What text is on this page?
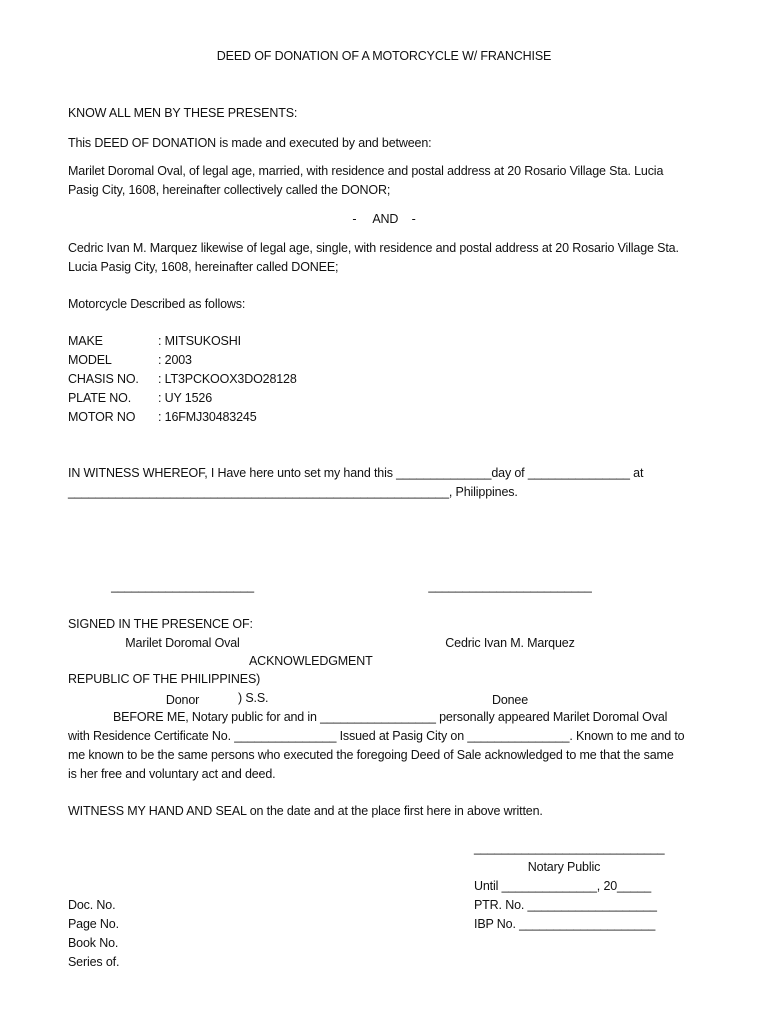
DEED OF DONATION OF A MOTORCYCLE W/ FRANCHISE
KNOW ALL MEN BY THESE PRESENTS:
This DEED OF DONATION is made and executed by and between:
Marilet Doromal Oval, of legal age, married, with residence and postal address at 20 Rosario Village Sta. Lucia
Pasig City, 1608, hereinafter collectively called the DONOR;
-     AND    -
Cedric Ivan M. Marquez likewise of legal age, single, with residence and postal address at 20 Rosario Village Sta.
Lucia Pasig City, 1608, hereinafter called DONEE;
Motorcycle Described as follows:
MAKE	: MITSUKOSHI
MODEL	: 2003
CHASIS NO.	: LT3PCKOOX3DO28128
PLATE NO.	: UY 1526
MOTOR NO	: 16FMJ30483245
IN WITNESS WHEREOF, I Have here unto set my hand this ______________day of _______________ at
________________________________________________________, Philippines.

_____________________

Marilet Doromal Oval

Donor

________________________

Cedric Ivan M. Marquez

Donee

SIGNED IN THE PRESENCE OF:
ACKNOWLEDGMENT
REPUBLIC OF THE PHILIPPINES)
) S.S.
BEFORE ME, Notary public for and in _________________ personally appeared Marilet Doromal Oval
with Residence Certificate No. _______________ Issued at Pasig City on _______________. Known to me and to
me known to be the same persons who executed the foregoing Deed of Sale acknowledged to me that the same
is her free and voluntary act and deed.
WITNESS MY HAND AND SEAL on the date and at the place first here in above written.
____________________________
Notary Public
Until ______________, 20_____
PTR. No. ___________________
IBP No. ____________________
Doc. No.
Page No.
Book No.
Series of.
